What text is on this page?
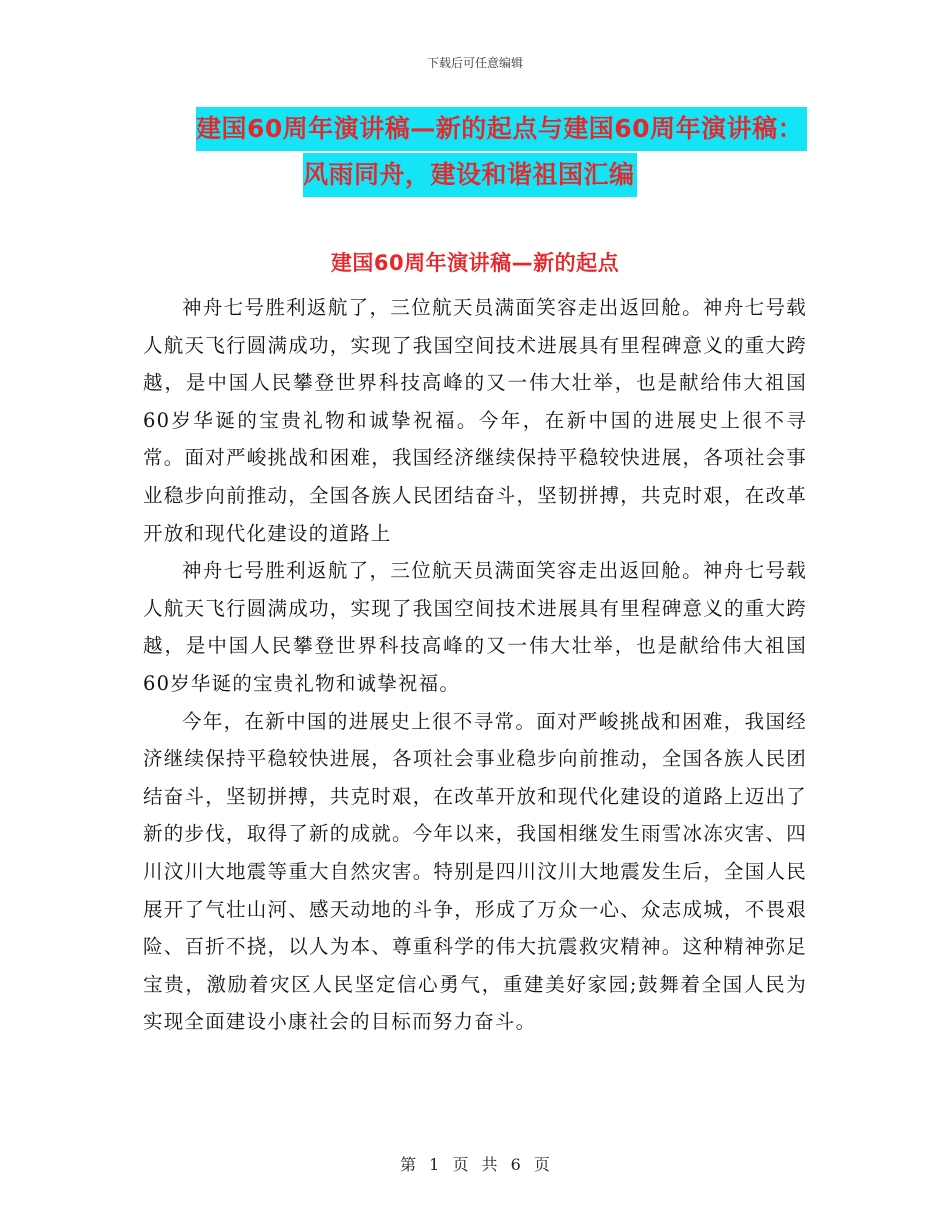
下载后可任意编辑
建国60周年演讲稿—新的起点与建国60周年演讲稿：
风雨同舟，建设和谐祖国汇编
建国60周年演讲稿—新的起点

神舟七号胜利返航了，三位航天员满面笑容走出返回舱。神舟七号载人航天飞行圆满成功，实现了我国空间技术进展具有里程碑意义的重大跨越，是中国人民攀登世界科技高峰的又一伟大壮举，也是献给伟大祖国60岁华诞的宝贵礼物和诚挚祝福。今年，在新中国的进展史上很不寻常。面对严峻挑战和困难，我国经济继续保持平稳较快进展，各项社会事业稳步向前推动，全国各族人民团结奋斗，坚韧拼搏，共克时艰，在改革开放和现代化建设的道路上

神舟七号胜利返航了，三位航天员满面笑容走出返回舱。神舟七号载人航天飞行圆满成功，实现了我国空间技术进展具有里程碑意义的重大跨越，是中国人民攀登世界科技高峰的又一伟大壮举，也是献给伟大祖国60岁华诞的宝贵礼物和诚挚祝福。

今年，在新中国的进展史上很不寻常。面对严峻挑战和困难，我国经济继续保持平稳较快进展，各项社会事业稳步向前推动，全国各族人民团结奋斗，坚韧拼搏，共克时艰，在改革开放和现代化建设的道路上迈出了新的步伐，取得了新的成就。今年以来，我国相继发生雨雪冰冻灾害、四川汶川大地震等重大自然灾害。特别是四川汶川大地震发生后，全国人民展开了气壮山河、感天动地的斗争，形成了万众一心、众志成城，不畏艰险、百折不挠，以人为本、尊重科学的伟大抗震救灾精神。这种精神弥足宝贵，激励着灾区人民坚定信心勇气，重建美好家园;鼓舞着全国人民为实现全面建设小康社会的目标而努力奋斗。

第 1 页 共 6 页
